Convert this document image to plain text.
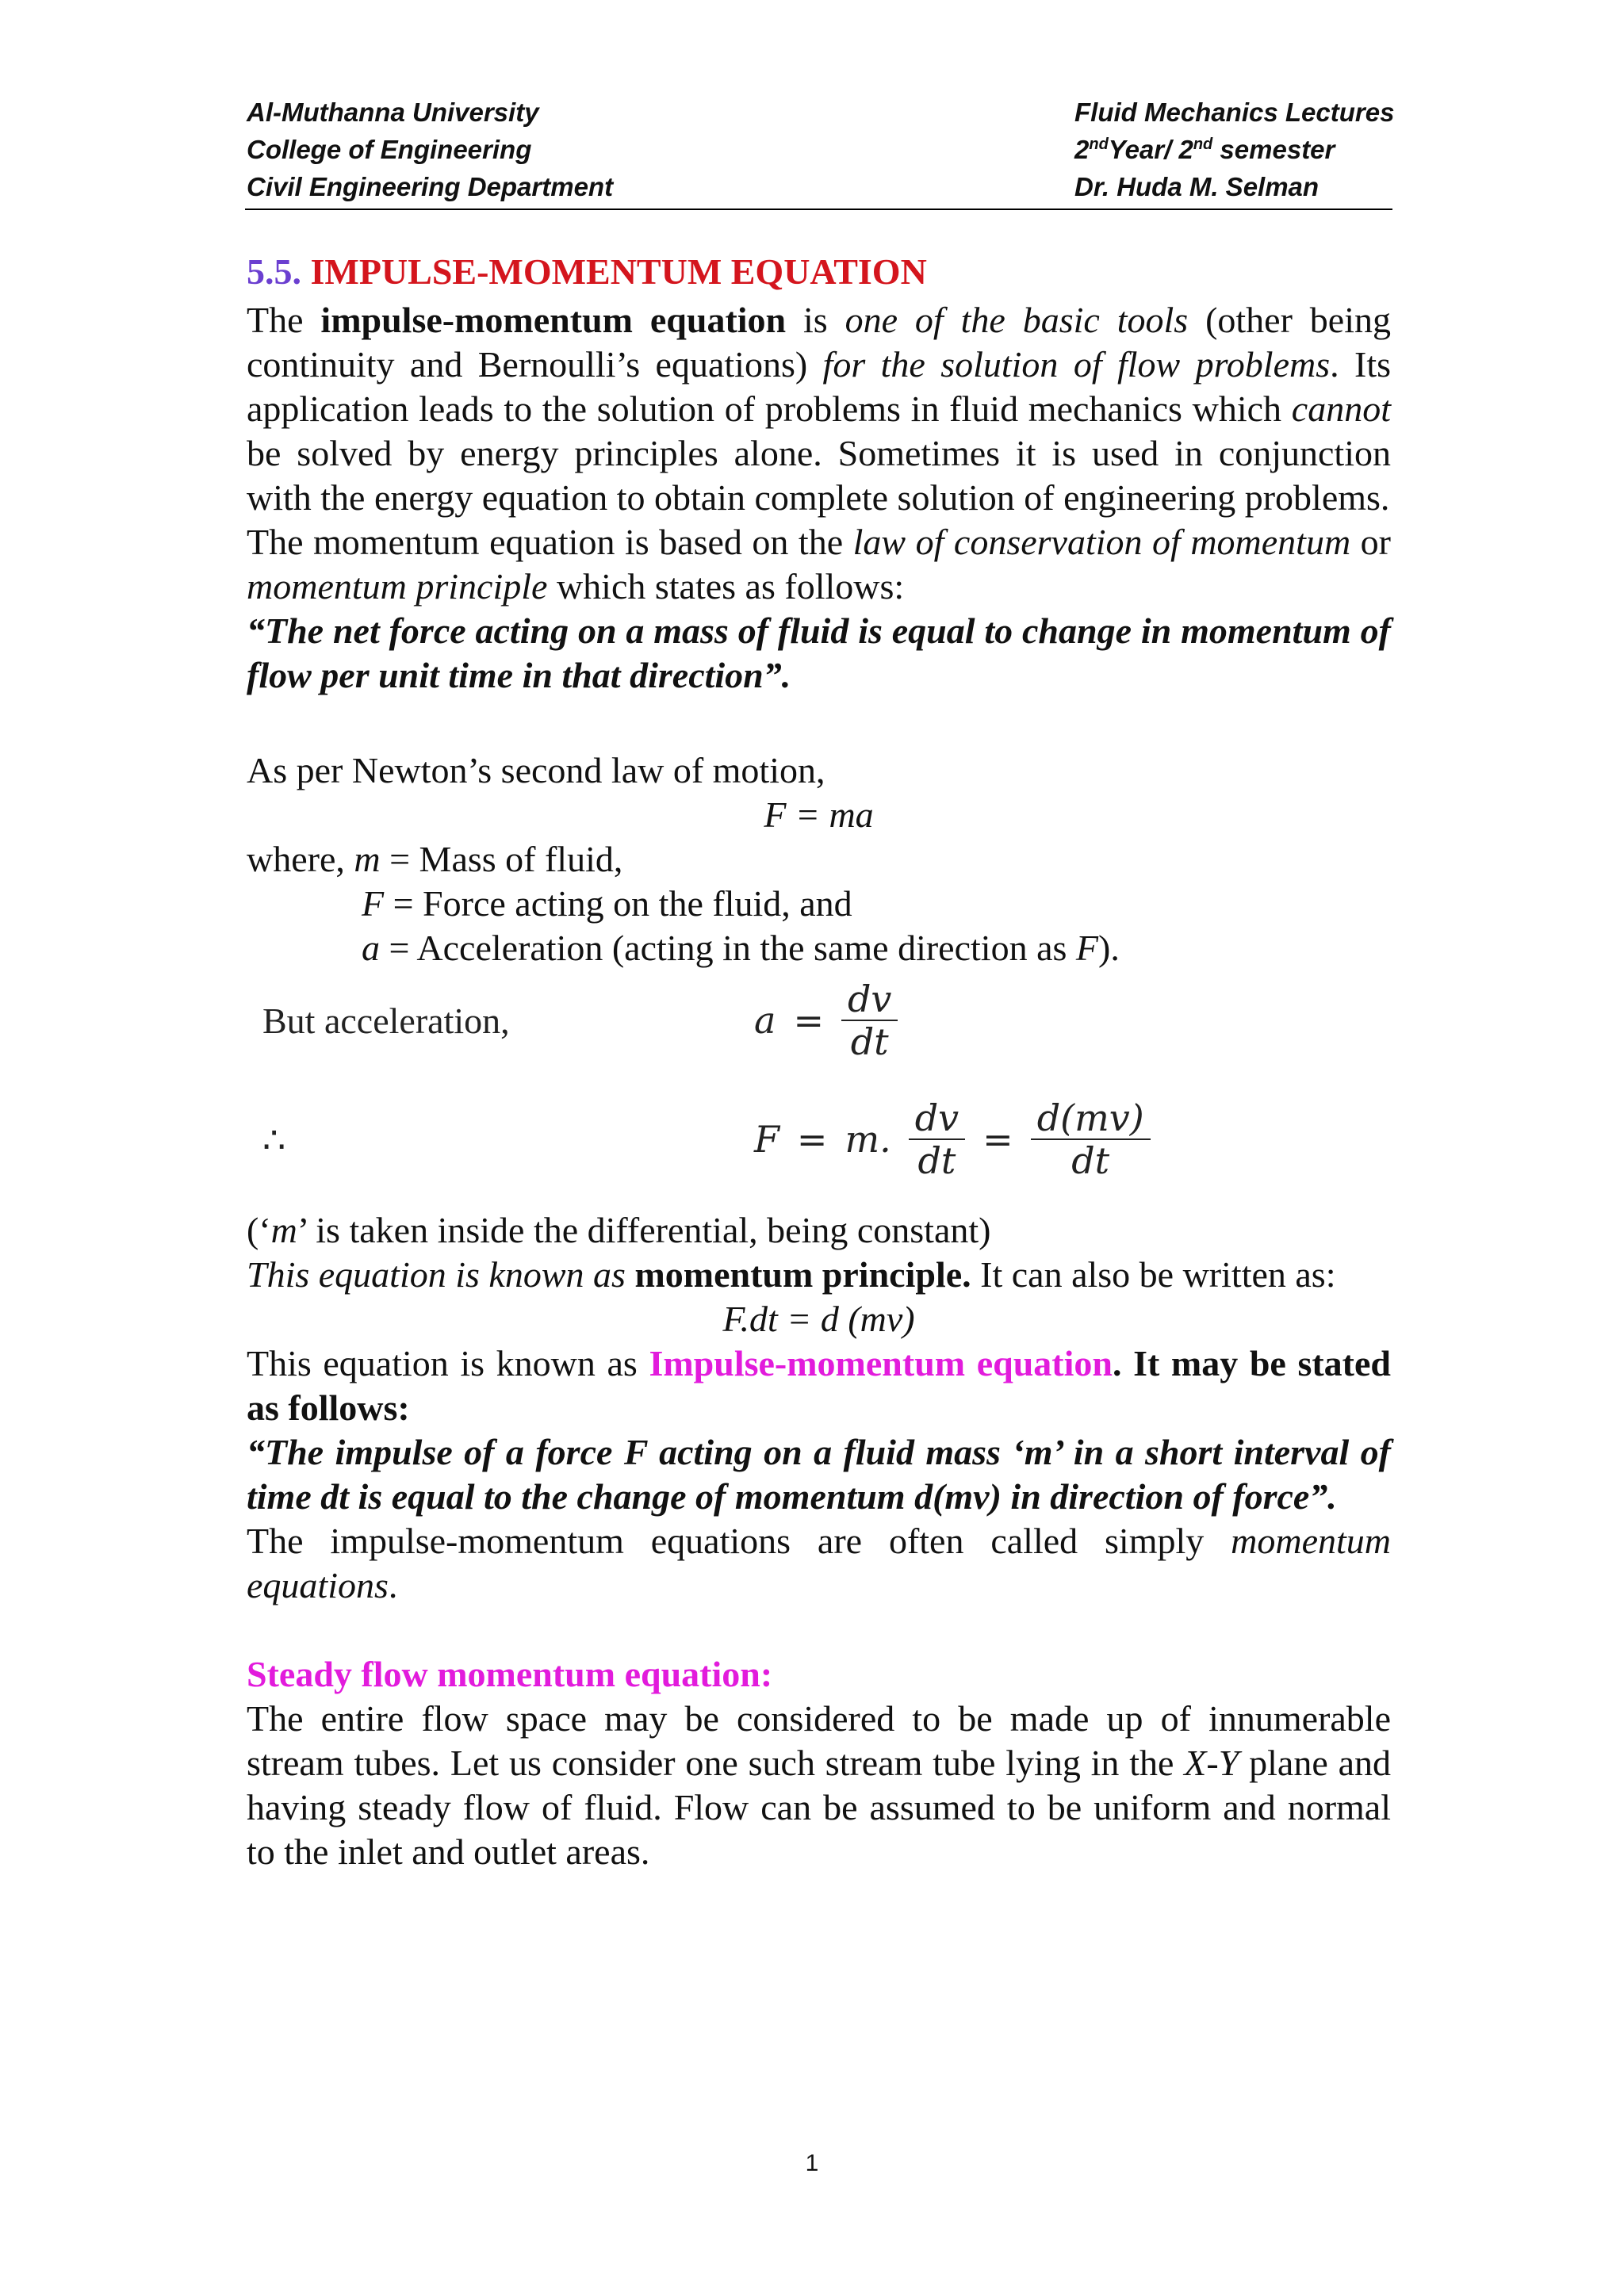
Al-Muthanna University
College of Engineering
Civil Engineering Department
Fluid Mechanics Lectures
2ndYear/ 2nd semester
Dr. Huda M. Selman
5.5. IMPULSE-MOMENTUM EQUATION
The impulse-momentum equation is one of the basic tools (other being continuity and Bernoulli’s equations) for the solution of flow problems. Its application leads to the solution of problems in fluid mechanics which cannot be solved by energy principles alone. Sometimes it is used in conjunction with the energy equation to obtain complete solution of engineering problems.
The momentum equation is based on the law of conservation of momentum or momentum principle which states as follows:
“The net force acting on a mass of fluid is equal to change in momentum of flow per unit time in that direction”.
As per Newton’s second law of motion,
F = ma
where, m = Mass of fluid,
F = Force acting on the fluid, and
a = Acceleration (acting in the same direction as F).
But acceleration,	$a = \frac{dv}{dt}$
∴	F = m. $\frac{dv}{dt} = \frac{d(mv)}{dt}$
(‘m’ is taken inside the differential, being constant)
This equation is known as momentum principle. It can also be written as:
F.dt = d (mv)
This equation is known as Impulse-momentum equation. It may be stated as follows:
“The impulse of a force F acting on a fluid mass ‘m’ in a short interval of time dt is equal to the change of momentum d(mv) in direction of force”.
The impulse-momentum equations are often called simply momentum equations.
Steady flow momentum equation:
The entire flow space may be considered to be made up of innumerable stream tubes. Let us consider one such stream tube lying in the X-Y plane and having steady flow of fluid. Flow can be assumed to be uniform and normal to the inlet and outlet areas.
1
